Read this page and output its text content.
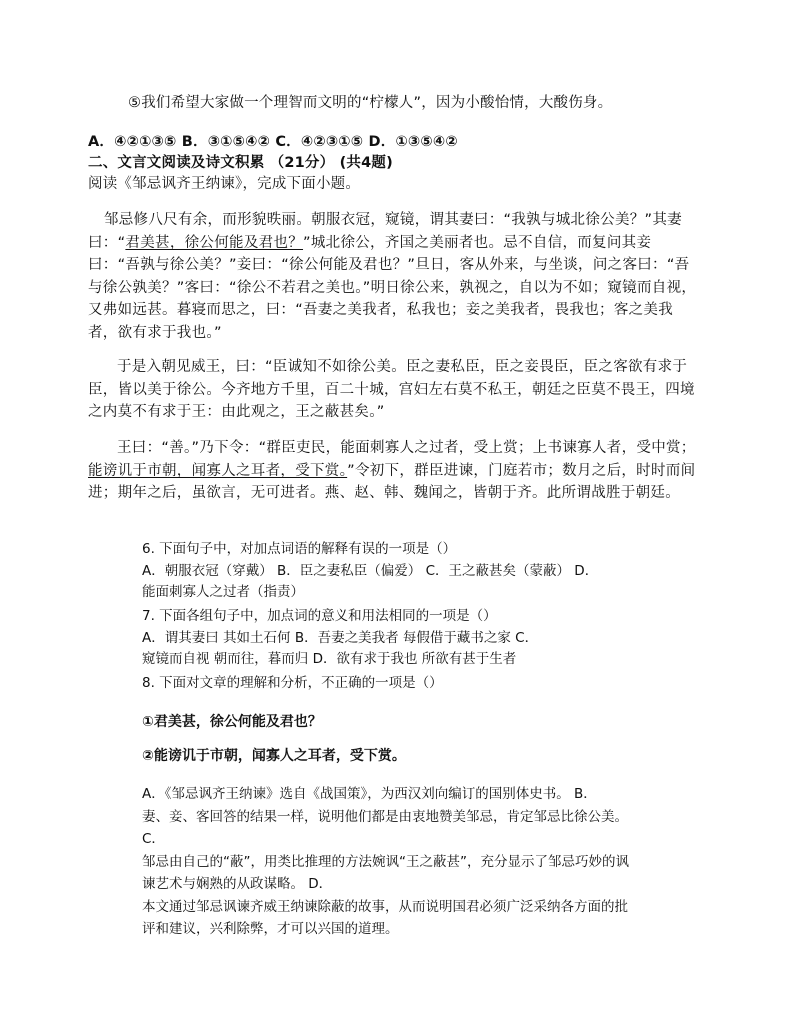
⑤我们希望大家做一个理智而文明的“柠檬人”，因为小酸怡情，大酸伤身。
A．④②①③⑤ B．③①⑤④② C．④②③①⑤ D．①③⑤④②
二、文言文阅读及诗文积累 （21分） (共4题)
阅读《邹忌讽齐王纳谏》，完成下面小题。

邹忌修八尺有余，而形貌昳丽。朝服衣冠，窥镜，谓其妻曰：“我孰与城北徐公美？”其妻曰：“君美甚，徐公何能及君也？”城北徐公，齐国之美丽者也。忌不自信，而复问其妾曰：“吾孰与徐公美？”妾曰：“徐公何能及君也？”旦日，客从外来，与坐谈，问之客曰：“吾与徐公孰美？”客曰：“徐公不若君之美也。”明日徐公来，孰视之，自以为不如；窥镜而自视，又弗如远甚。暮寝而思之，曰：“吾妻之美我者，私我也；妾之美我者，畏我也；客之美我者，欲有求于我也。”

于是入朝见威王，曰：“臣诚知不如徐公美。臣之妻私臣，臣之妾畏臣，臣之客欲有求于臣，皆以美于徐公。今齐地方千里，百二十城，宫妇左右莫不私王，朝廷之臣莫不畏王，四境之内莫不有求于王：由此观之，王之蔽甚矣。”

王曰：“善。”乃下令：“群臣吏民，能面刺寡人之过者，受上赏；上书谏寡人者，受中赏；能谤讥于市朝，闻寡人之耳者，受下赏。”令初下，群臣进谏，门庭若市；数月之后，时时而间进；期年之后，虽欲言，无可进者。燕、赵、韩、魏闻之，皆朝于齐。此所谓战胜于朝廷。

6. 下面句子中，对加点词语的解释有误的一项是（）
A．朝服衣冠（穿戴） B．臣之妻私臣（偏爱） C．王之蔽甚矣（蒙蔽） D．
能面刺寡人之过者（指责）
7. 下面各组句子中，加点词的意义和用法相同的一项是（）
A．谓其妻曰 其如土石何 B．吾妻之美我者 每假借于藏书之家 C．
窥镜而自视 朝而往，暮而归 D．欲有求于我也 所欲有甚于生者
8. 下面对文章的理解和分析，不正确的一项是（）
①君美甚，徐公何能及君也？
②能谤讥于市朝，闻寡人之耳者，受下赏。
A．《邹忌讽齐王纳谏》选自《战国策》，为西汉刘向编订的国别体史书。 B．
妻、妾、客回答的结果一样，说明他们都是由衷地赞美邹忌，肯定邹忌比徐公美。
C．
邹忌由自己的“蔽”，用类比推理的方法婉讽“王之蔽甚”，充分显示了邹忌巧妙的讽
谏艺术与娴熟的从政谋略。 D．
本文通过邹忌讽谏齐威王纳谏除蔽的故事，从而说明国君必须广泛采纳各方面的批
评和建议，兴利除弊，才可以兴国的道理。
